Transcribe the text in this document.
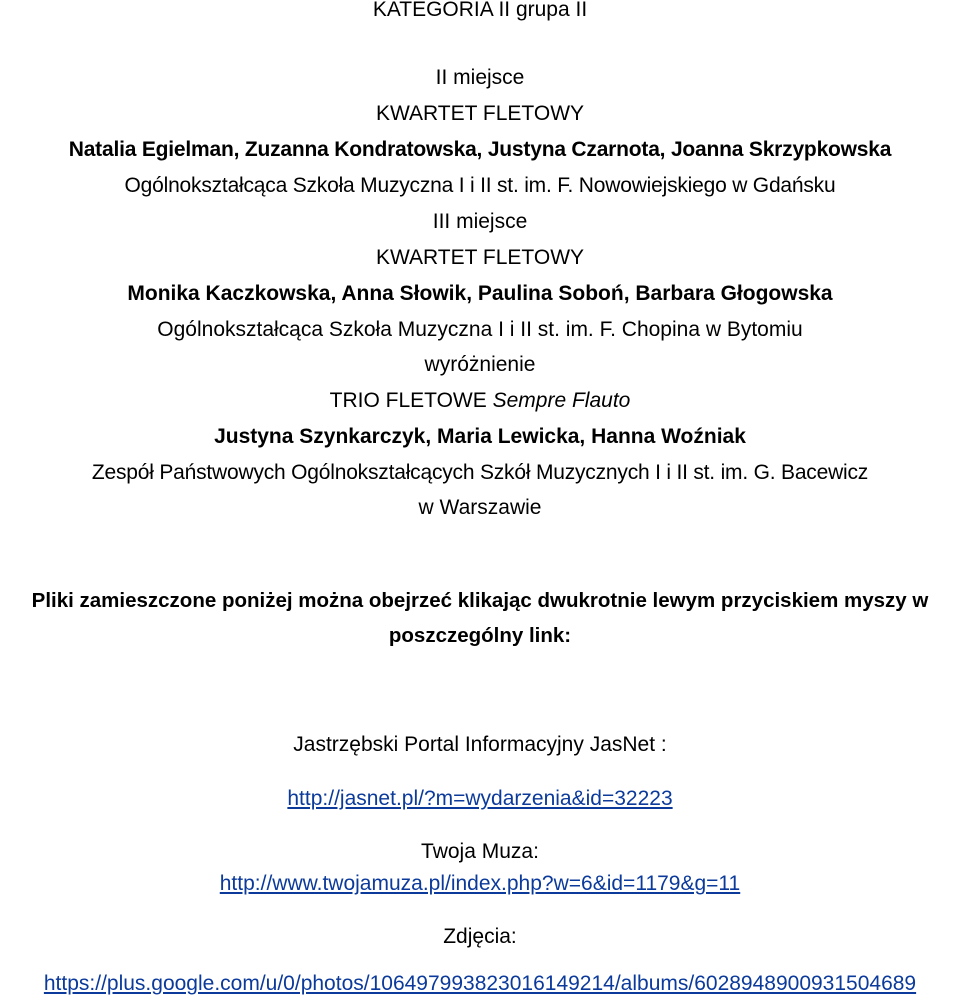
KATEGORIA II grupa II
II miejsce
KWARTET FLETOWY
Natalia Egielman, Zuzanna Kondratowska, Justyna Czarnota, Joanna Skrzypkowska
Ogólnokształcąca Szkoła Muzyczna I i II st. im. F. Nowowiejskiego w Gdańsku
III miejsce
KWARTET FLETOWY
Monika Kaczkowska, Anna Słowik, Paulina Soboń, Barbara Głogowska
Ogólnokształcąca Szkoła Muzyczna I i II st. im. F. Chopina w Bytomiu
wyróżnienie
TRIO FLETOWE Sempre Flauto
Justyna Szynkarczyk, Maria Lewicka, Hanna Woźniak
Zespół Państwowych Ogólnokształcących Szkół Muzycznych I i II st. im. G. Bacewicz
w Warszawie
Pliki zamieszczone poniżej można obejrzeć klikając dwukrotnie lewym przyciskiem myszy w
poszczególny link:
Jastrzębski Portal Informacyjny JasNet :
http://jasnet.pl/?m=wydarzenia&id=32223
Twoja Muza:
http://www.twojamuza.pl/index.php?w=6&id=1179&g=11
Zdjęcia:
https://plus.google.com/u/0/photos/106497993823016149214/albums/6028948900931504689
